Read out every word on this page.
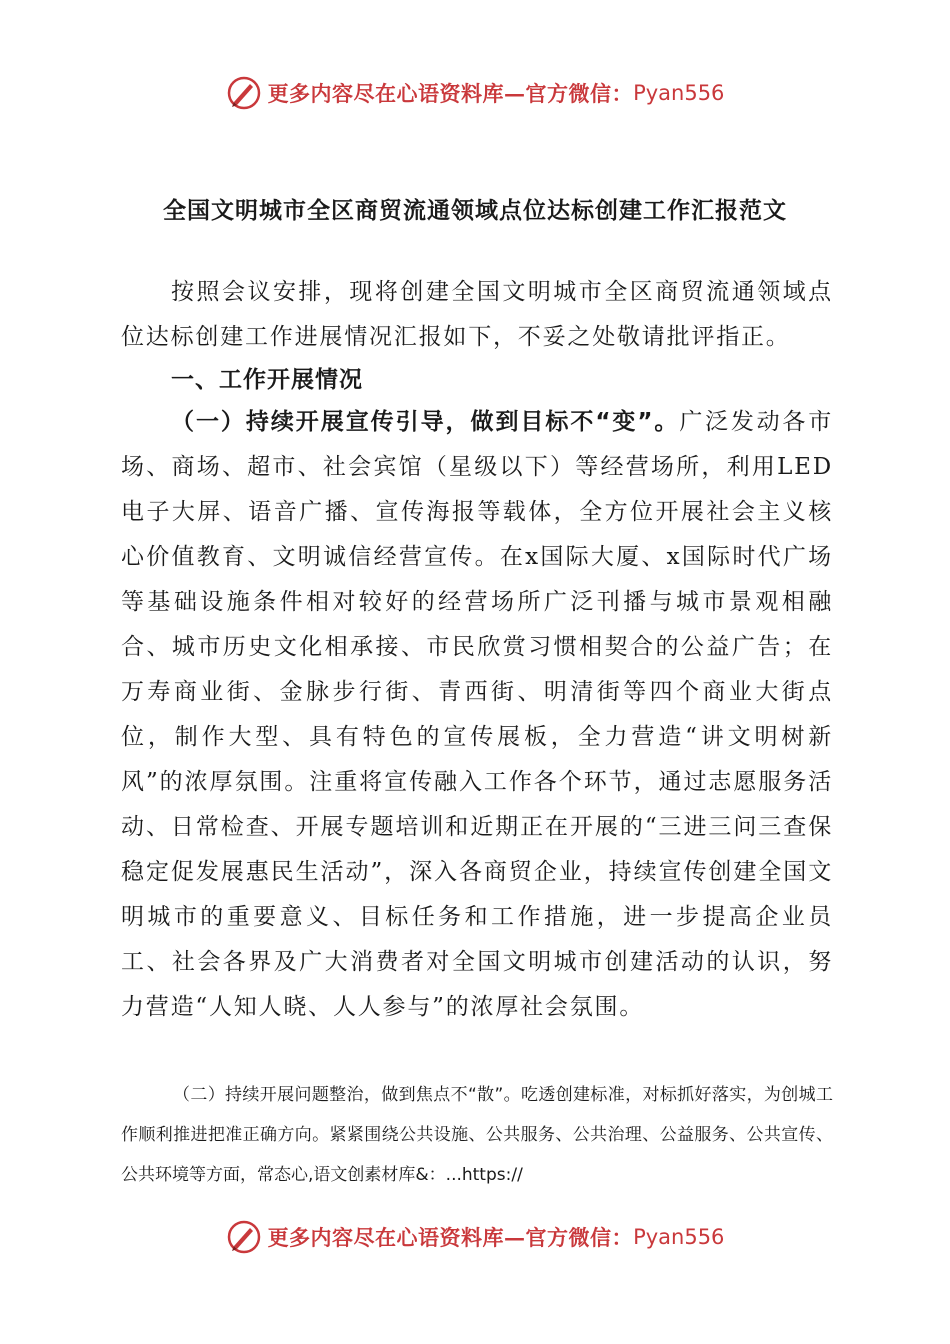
更多内容尽在心语资料库—官方微信： Pyan556
全国文明城市全区商贸流通领域点位达标创建工作汇报范文
按照会议安排，现将创建全国文明城市全区商贸流通领域点位达标创建工作进展情况汇报如下，不妥之处敬请批评指正。
一、工作开展情况
（一）持续开展宣传引导，做到目标不“变”。广泛发动各市场、商场、超市、社会宾馆（星级以下）等经营场所，利用LED电子大屏、语音广播、宣传海报等载体，全方位开展社会主义核心价值教育、文明诚信经营宣传。在x国际大厦、x国际时代广场等基础设施条件相对较好的经营场所广泛刊播与城市景观相融合、城市历史文化相承接、市民欣赏习惯相契合的公益广告；在万寿商业街、金脉步行街、青西街、明清街等四个商业大街点位，制作大型、具有特色的宣传展板，全力营造“讲文明树新风”的浓厚氛围。注重将宣传融入工作各个环节，通过志愿服务活动、日常检查、开展专题培训和近期正在开展的“三进三问三查保稳定促发展惠民生活动”，深入各商贸企业，持续宣传创建全国文明城市的重要意义、目标任务和工作措施，进一步提高企业员工、社会各界及广大消费者对全国文明城市创建活动的认识，努力营造“人知人晓、人人参与”的浓厚社会氛围。
（二）持续开展问题整治，做到焦点不“散”。吃透创建标准，对标抓好落实，为创城工作顺利推进把准正确方向。紧紧围绕公共设施、公共服务、公共治理、公益服务、公共宣传、公共环境等方面，常态心,语文创素材库&：...https://
更多内容尽在心语资料库—官方微信： Pyan556
